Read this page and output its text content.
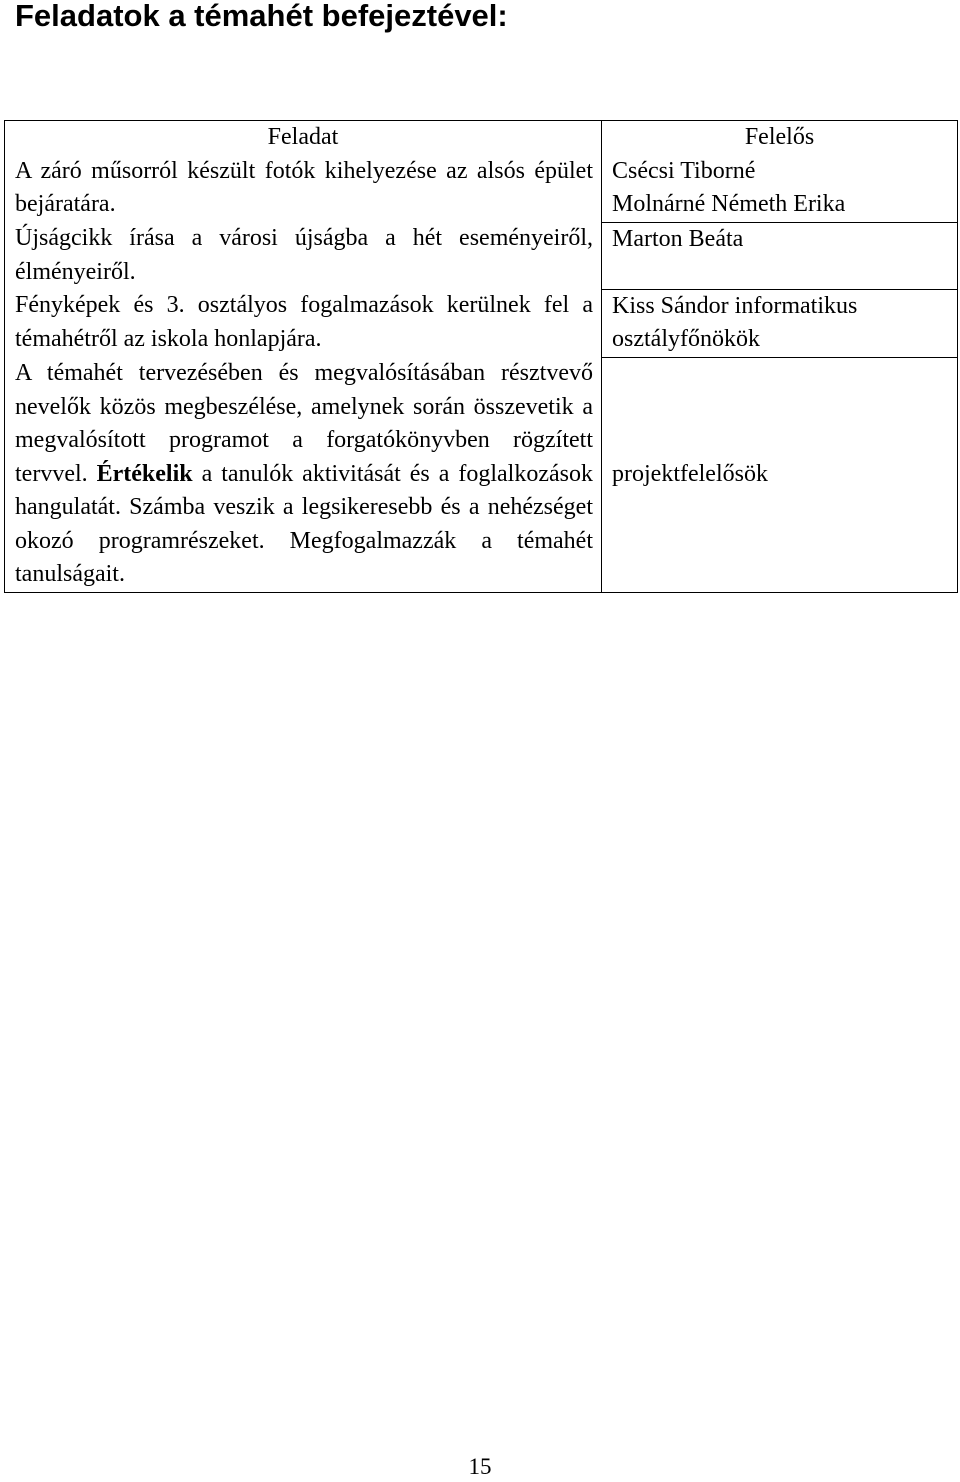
Feladatok a témahét befejeztével:
Feladat	Felelős

A záró műsorról készült fotók kihelyezése az alsós épület bejáratára.	Csécsi Tiborné
Molnárné Németh Erika

Újságcikk írása a városi újságba a hét eseményeiről, élményeiről.	Marton Beáta

Fényképek és 3. osztályos fogalmazások kerülnek fel a témahétről az iskola honlapjára.	Kiss Sándor informatikus
osztályfőnökök

A témahét tervezésében és megvalósításában résztvevő nevelők közös megbeszélése, amelynek során összevetik a megvalósított programot a forgatókönyvben rögzített tervvel. Értékelik a tanulók aktivitását és a foglalkozások hangulatát. Számba veszik a legsikeresebb és a nehézséget okozó programrészeket. Megfogalmazzák a témahét tanulságait.	projektfelelősök
15
